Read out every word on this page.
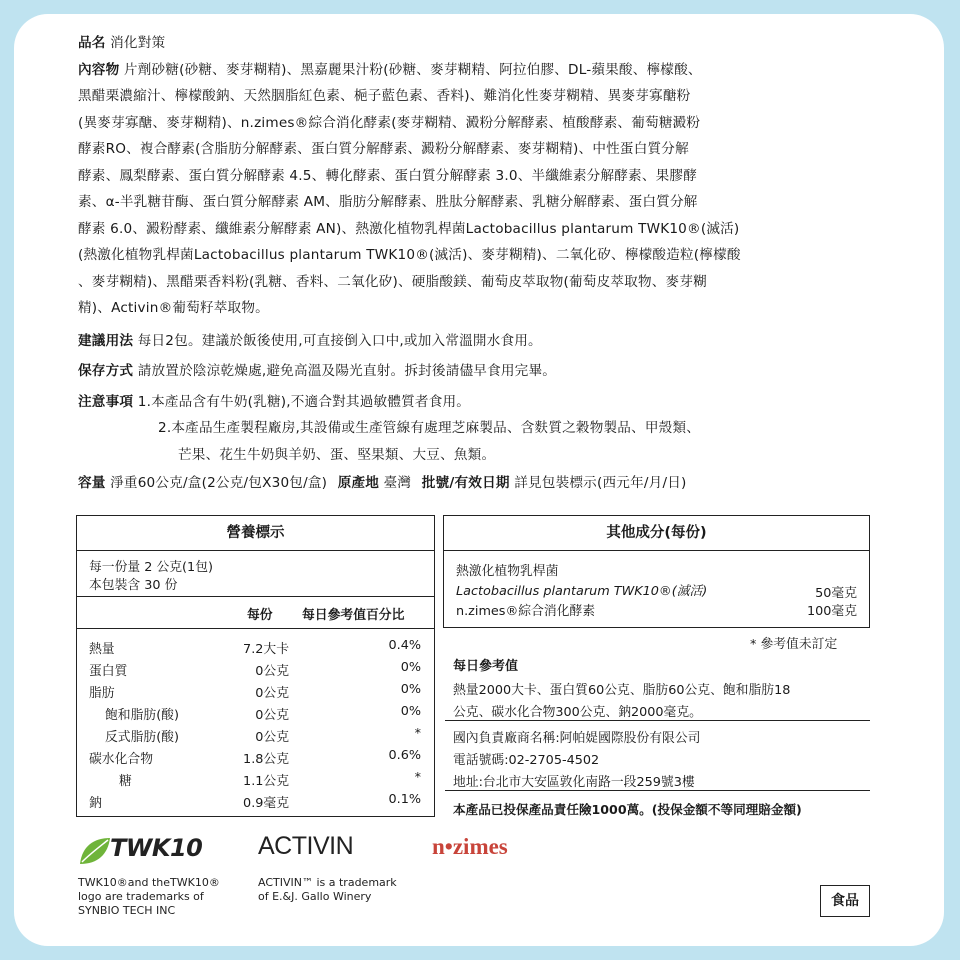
品名 消化對策

內容物 片劑砂糖(砂糖、麥芽糊精)、黑嘉麗果汁粉(砂糖、麥芽糊精、阿拉伯膠、DL-蘋果酸、檸檬酸、

黑醋栗濃縮汁、檸檬酸鈉、天然胭脂紅色素、梔子藍色素、香料)、難消化性麥芽糊精、異麥芽寡醣粉

(異麥芽寡醣、麥芽糊精)、n.zimes®綜合消化酵素(麥芽糊精、澱粉分解酵素、植酸酵素、葡萄糖澱粉

酵素RO、複合酵素(含脂肪分解酵素、蛋白質分解酵素、澱粉分解酵素、麥芽糊精)、中性蛋白質分解

酵素、鳳梨酵素、蛋白質分解酵素 4.5、轉化酵素、蛋白質分解酵素 3.0、半纖維素分解酵素、果膠酵

素、α-半乳糖苷酶、蛋白質分解酵素 AM、脂肪分解酵素、胜肽分解酵素、乳糖分解酵素、蛋白質分解

酵素 6.0、澱粉酵素、纖維素分解酵素 AN)、熱激化植物乳桿菌Lactobacillus plantarum TWK10®(滅活)

(熱激化植物乳桿菌Lactobacillus plantarum TWK10®(滅活)、麥芽糊精)、二氧化矽、檸檬酸造粒(檸檬酸

、麥芽糊精)、黑醋栗香料粉(乳糖、香料、二氧化矽)、硬脂酸鎂、葡萄皮萃取物(葡萄皮萃取物、麥芽糊

精)、Activin®葡萄籽萃取物。

建議用法 每日2包。建議於飯後使用,可直接倒入口中,或加入常溫開水食用。

保存方式 請放置於陰涼乾燥處,避免高溫及陽光直射。拆封後請儘早食用完畢。

注意事項 1.本產品含有牛奶(乳糖),不適合對其過敏體質者食用。

2.本產品生產製程廠房,其設備或生產管線有處理芝麻製品、含麩質之穀物製品、甲殼類、

芒果、花生牛奶與羊奶、蛋、堅果類、大豆、魚類。

容量 淨重60公克/盒(2公克/包X30包/盒) 原產地 臺灣 批號/有效日期 詳見包裝標示(西元年/月/日)

營養標示
每一份量 2 公克(1包)
本包裝含 30 份
每份 每日參考值百分比
熱量	7.2大卡	0.4%
蛋白質	0公克	0%
脂肪	0公克	0%
飽和脂肪(酸)	0公克	0%
反式脂肪(酸)	0公克	*
碳水化合物	1.8公克	0.6%
糖	1.1公克	*
鈉	0.9毫克	0.1%
其他成分(每份)
熱激化植物乳桿菌
Lactobacillus plantarum TWK10®(滅活)	50毫克
n.zimes®綜合消化酵素	100毫克
* 參考值未訂定
每日參考值
熱量2000大卡、蛋白質60公克、脂肪60公克、飽和脂肪18
公克、碳水化合物300公克、鈉2000毫克。
國內負責廠商名稱:阿帕媞國際股份有限公司
電話號碼:02-2705-4502
地址:台北市大安區敦化南路一段259號3樓
本產品已投保產品責任險1000萬。(投保金額不等同理賠金額)
TWK10
TWK10®and theTWK10®
logo are trademarks of
SYNBIO TECH INC
ACTIVIN
ACTIVIN™ is a trademark
of E.&J. Gallo Winery
n•zimes
食品
